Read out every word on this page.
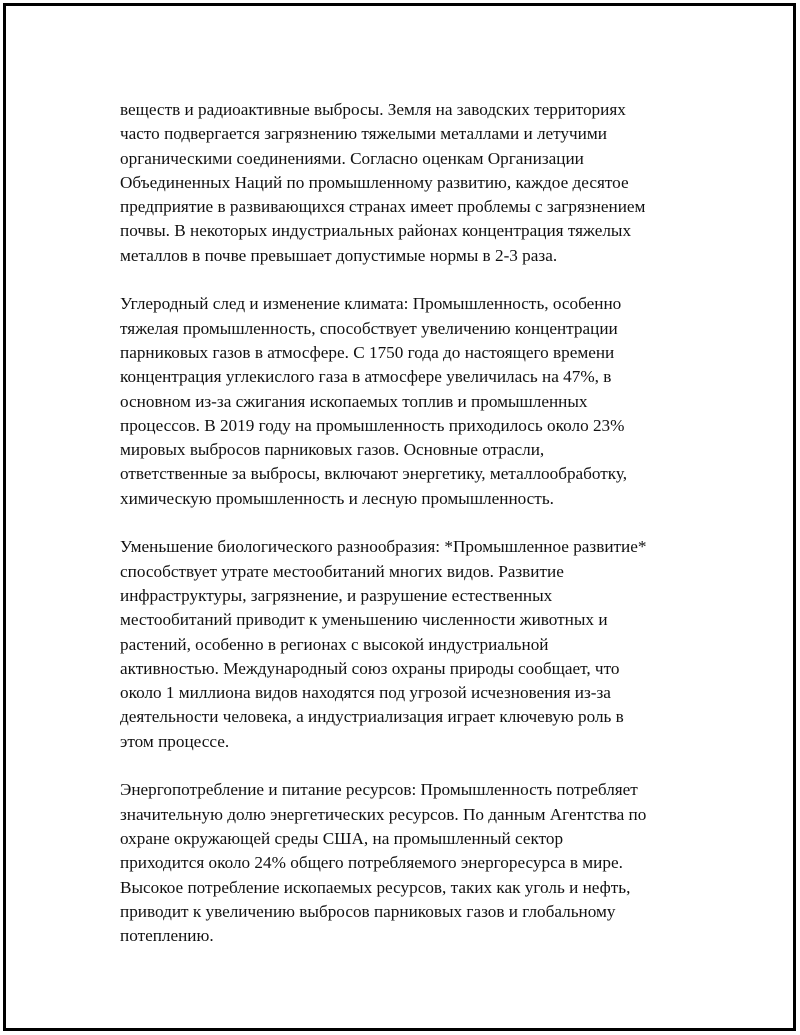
веществ и радиоактивные выбросы. Земля на заводских территориях
часто подвергается загрязнению тяжелыми металлами и летучими
органическими соединениями. Согласно оценкам Организации
Объединенных Наций по промышленному развитию, каждое десятое
предприятие в развивающихся странах имеет проблемы с загрязнением
почвы. В некоторых индустриальных районах концентрация тяжелых
металлов в почве превышает допустимые нормы в 2-3 раза.

Углеродный след и изменение климата: Промышленность, особенно
тяжелая промышленность, способствует увеличению концентрации
парниковых газов в атмосфере. С 1750 года до настоящего времени
концентрация углекислого газа в атмосфере увеличилась на 47%, в
основном из-за сжигания ископаемых топлив и промышленных
процессов. В 2019 году на промышленность приходилось около 23%
мировых выбросов парниковых газов. Основные отрасли,
ответственные за выбросы, включают энергетику, металлообработку,
химическую промышленность и лесную промышленность.

Уменьшение биологического разнообразия: *Промышленное развитие*
способствует утрате местообитаний многих видов. Развитие
инфраструктуры, загрязнение, и разрушение естественных
местообитаний приводит к уменьшению численности животных и
растений, особенно в регионах с высокой индустриальной
активностью. Международный союз охраны природы сообщает, что
около 1 миллиона видов находятся под угрозой исчезновения из-за
деятельности человека, а индустриализация играет ключевую роль в
этом процессе.

Энергопотребление и питание ресурсов: Промышленность потребляет
значительную долю энергетических ресурсов. По данным Агентства по
охране окружающей среды США, на промышленный сектор
приходится около 24% общего потребляемого энергоресурса в мире.
Высокое потребление ископаемых ресурсов, таких как уголь и нефть,
приводит к увеличению выбросов парниковых газов и глобальному
потеплению.
